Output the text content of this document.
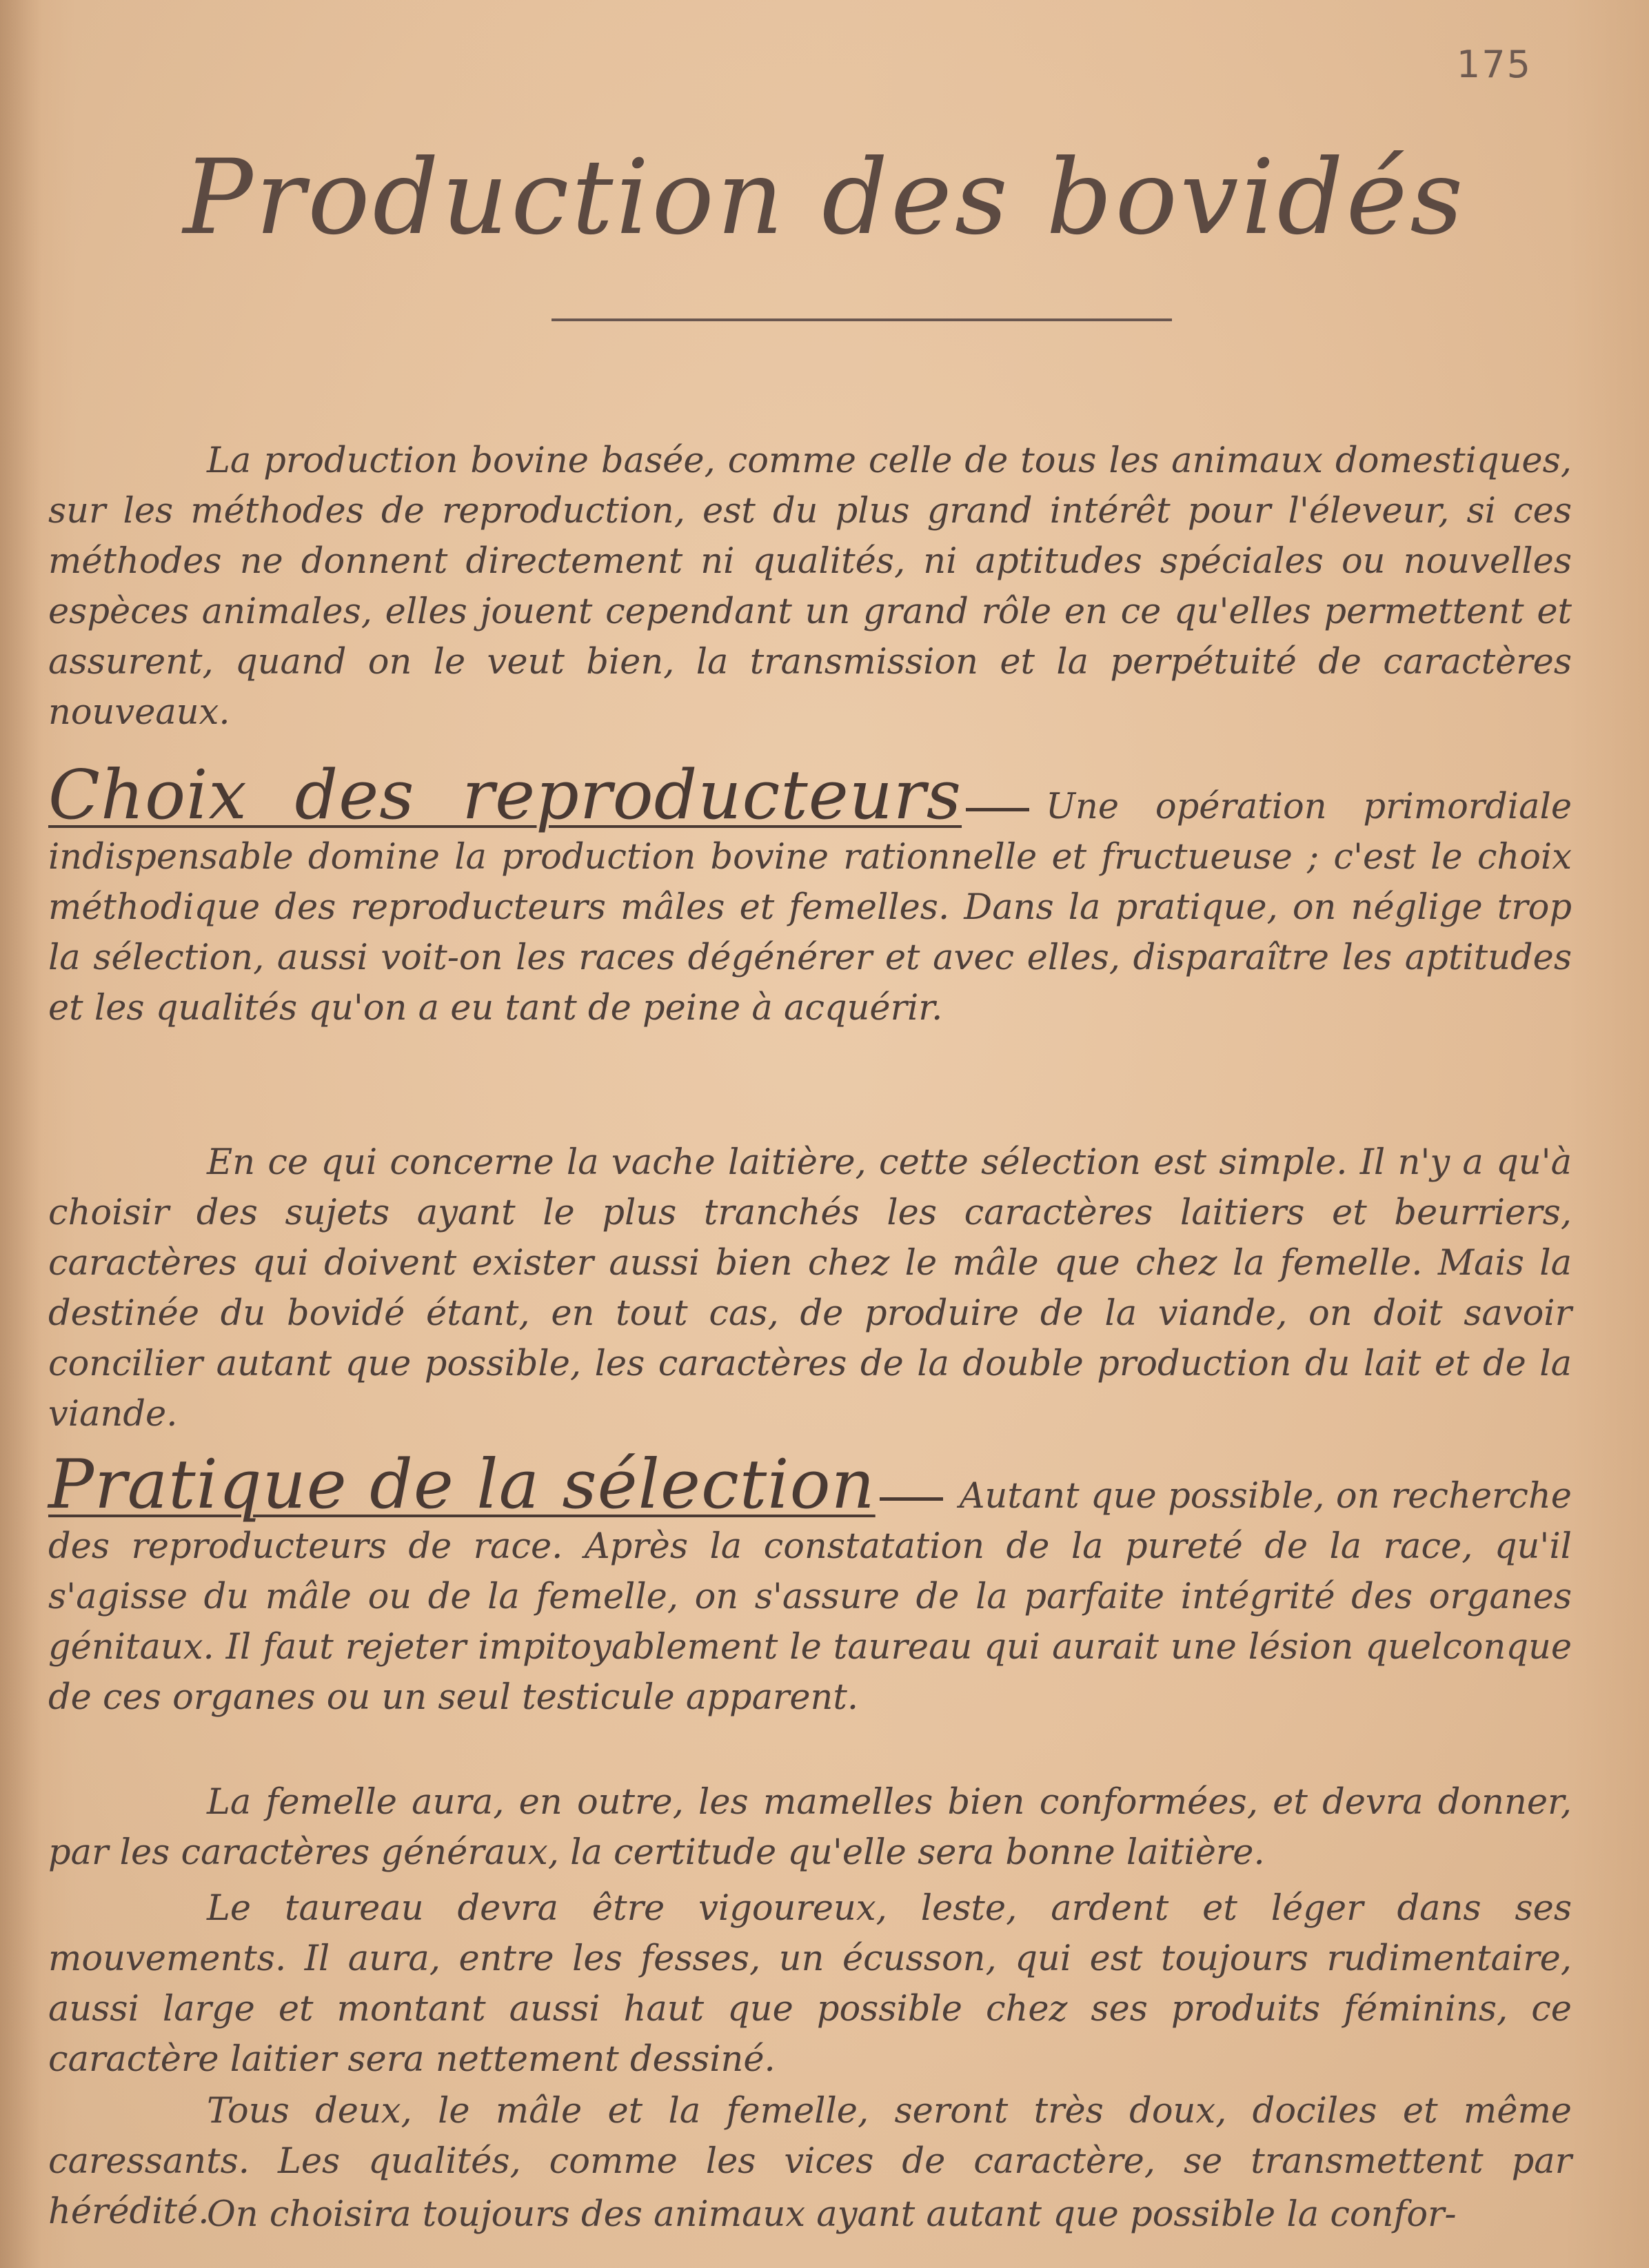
175
Production des bovidés

La production bovine basée, comme celle de tous les animaux domestiques, sur les méthodes de reproduction, est du plus grand intérêt pour l'éleveur, si ces méthodes ne donnent directement ni qualités, ni aptitudes spéciales ou nouvelles espèces animales, elles jouent cependant un grand rôle en ce qu'elles permettent et assurent, quand on le veut bien, la transmission et la perpétuité de caractères nouveaux.

Choix des reproducteurs Une opération primordiale indispensable domine la production bovine rationnelle et fructueuse ; c'est le choix méthodique des reproducteurs mâles et femelles. Dans la pratique, on néglige trop la sélection, aussi voit-on les races dégénérer et avec elles, disparaître les aptitudes et les qualités qu'on a eu tant de peine à acquérir.

En ce qui concerne la vache laitière, cette sélection est simple. Il n'y a qu'à choisir des sujets ayant le plus tranchés les caractères laitiers et beurriers, caractères qui doivent exister aussi bien chez le mâle que chez la femelle. Mais la destinée du bovidé étant, en tout cas, de produire de la viande, on doit savoir concilier autant que possible, les caractères de la double production du lait et de la viande.

Pratique de la sélection Autant que possible, on recherche des reproducteurs de race. Après la constatation de la pureté de la race, qu'il s'agisse du mâle ou de la femelle, on s'assure de la parfaite intégrité des organes génitaux. Il faut rejeter impitoyablement le taureau qui aurait une lésion quelconque de ces organes ou un seul testicule apparent.

La femelle aura, en outre, les mamelles bien conformées, et devra donner, par les caractères généraux, la certitude qu'elle sera bonne laitière.

Le taureau devra être vigoureux, leste, ardent et léger dans ses mouvements. Il aura, entre les fesses, un écusson, qui est toujours rudimentaire, aussi large et montant aussi haut que possible chez ses produits féminins, ce caractère laitier sera nettement dessiné.

Tous deux, le mâle et la femelle, seront très doux, dociles et même caressants. Les qualités, comme les vices de caractère, se transmettent par hérédité.

On choisira toujours des animaux ayant autant que possible la confor-
